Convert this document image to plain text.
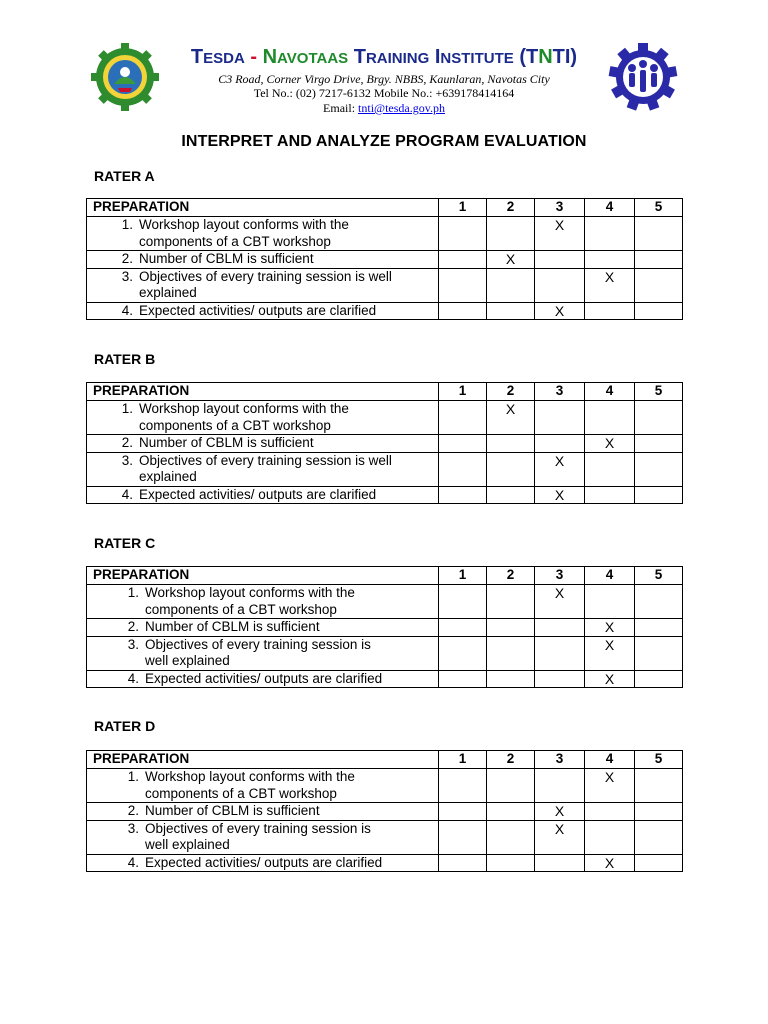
TESDA - NAVOTAAS TRAINING INSTITUTE (TNTI)
C3 Road, Corner Virgo Drive, Brgy. NBBS, Kaunlaran, Navotas City
Tel No.: (02) 7217-6132 Mobile No.: +639178414164
Email: tnti@tesda.gov.ph
INTERPRET AND ANALYZE PROGRAM EVALUATION
RATER A
PREPARATION	1	2	3	4	5

1. Workshop layout conforms with the
components of a CBT workshop			X		

2. Number of CBLM is sufficient		X			

3. Objectives of every training session is well
explained				X	

4. Expected activities/ outputs are clarified			X		
RATER B
PREPARATION	1	2	3	4	5

1. Workshop layout conforms with the
components of a CBT workshop		X			

2. Number of CBLM is sufficient				X	

3. Objectives of every training session is well
explained			X		

4. Expected activities/ outputs are clarified			X		
RATER C
PREPARATION	1	2	3	4	5

1. Workshop layout conforms with the
components of a CBT workshop			X		

2. Number of CBLM is sufficient				X	

3. Objectives of every training session is
well explained				X	

4. Expected activities/ outputs are clarified				X	
RATER D
PREPARATION	1	2	3	4	5

1. Workshop layout conforms with the
components of a CBT workshop				X	

2. Number of CBLM is sufficient			X		

3. Objectives of every training session is
well explained			X		

4. Expected activities/ outputs are clarified				X	
